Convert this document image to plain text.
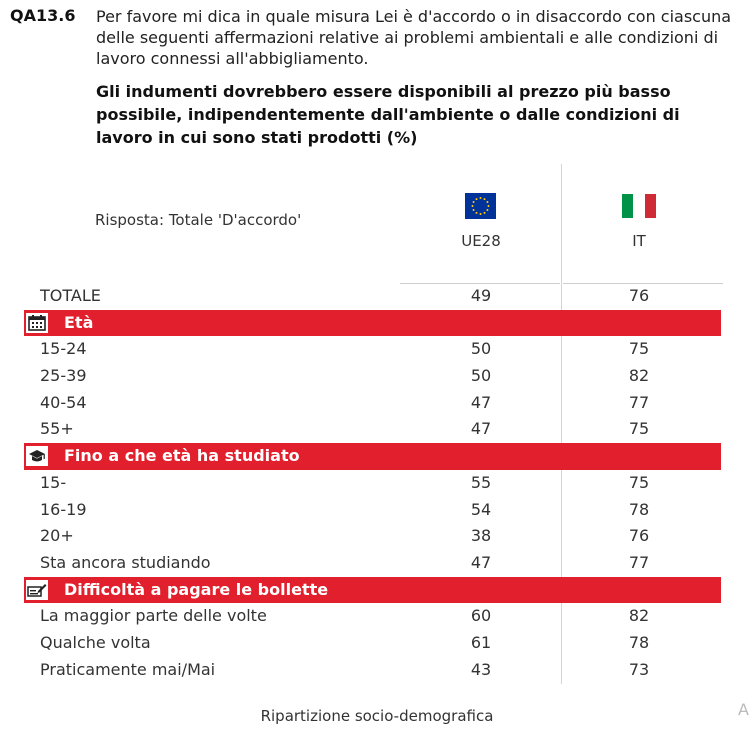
QA13.6 Per favore mi dica in quale misura Lei è d'accordo o in disaccordo con ciascuna delle seguenti affermazioni relative ai problemi ambientali e alle condizioni di lavoro connessi all'abbigliamento.
Gli indumenti dovrebbero essere disponibili al prezzo più basso possibile, indipendentemente dall'ambiente o dalle condizioni di lavoro in cui sono stati prodotti (%)
Risposta: Totale 'D'accordo'
UE28	IT
TOTALE	49	76
Età
15-24	50	75
25-39	50	82
40-54	47	77
55+	47	75
Fino a che età ha studiato
15-	55	75
16-19	54	78
20+	38	76
Sta ancora studiando	47	77
Difficoltà a pagare le bollette
La maggior parte delle volte	60	82
Qualche volta	61	78
Praticamente mai/Mai	43	73
Ripartizione socio-demografica	A
